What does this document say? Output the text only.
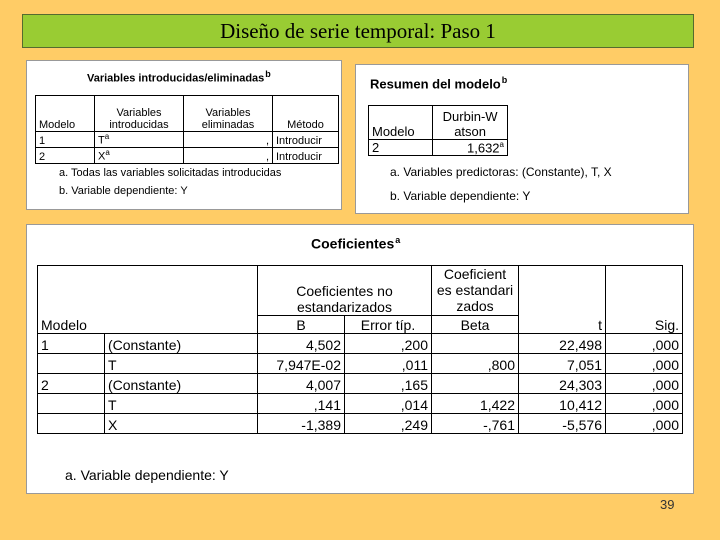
Diseño de serie temporal: Paso 1
Variables introducidas/eliminadas$^b$
Modelo	Variables introducidas	Variables eliminadas	Método
1	$T^a$	,	Introducir
2	$X^a$	,	Introducir
a. Todas las variables solicitadas introducidas
b. Variable dependiente: Y
Resumen del modelo$^b$
Modelo	Durbin-W atson
2	1,632$^a$
a. Variables predictoras: (Constante), T, X
b. Variable dependiente: Y
Coeficientes$^a$
		Coeficientes no estandarizados		Coeficient es estandari zados		
Modelo		B	Error típ.	Beta	t	Sig.
1	(Constante)	4,502	,200		22,498	,000
	T	7,947E-02	,011	,800	7,051	,000
2	(Constante)	4,007	,165		24,303	,000
	T	,141	,014	1,422	10,412	,000
	X	-1,389	,249	-,761	-5,576	,000
a. Variable dependiente: Y
39
